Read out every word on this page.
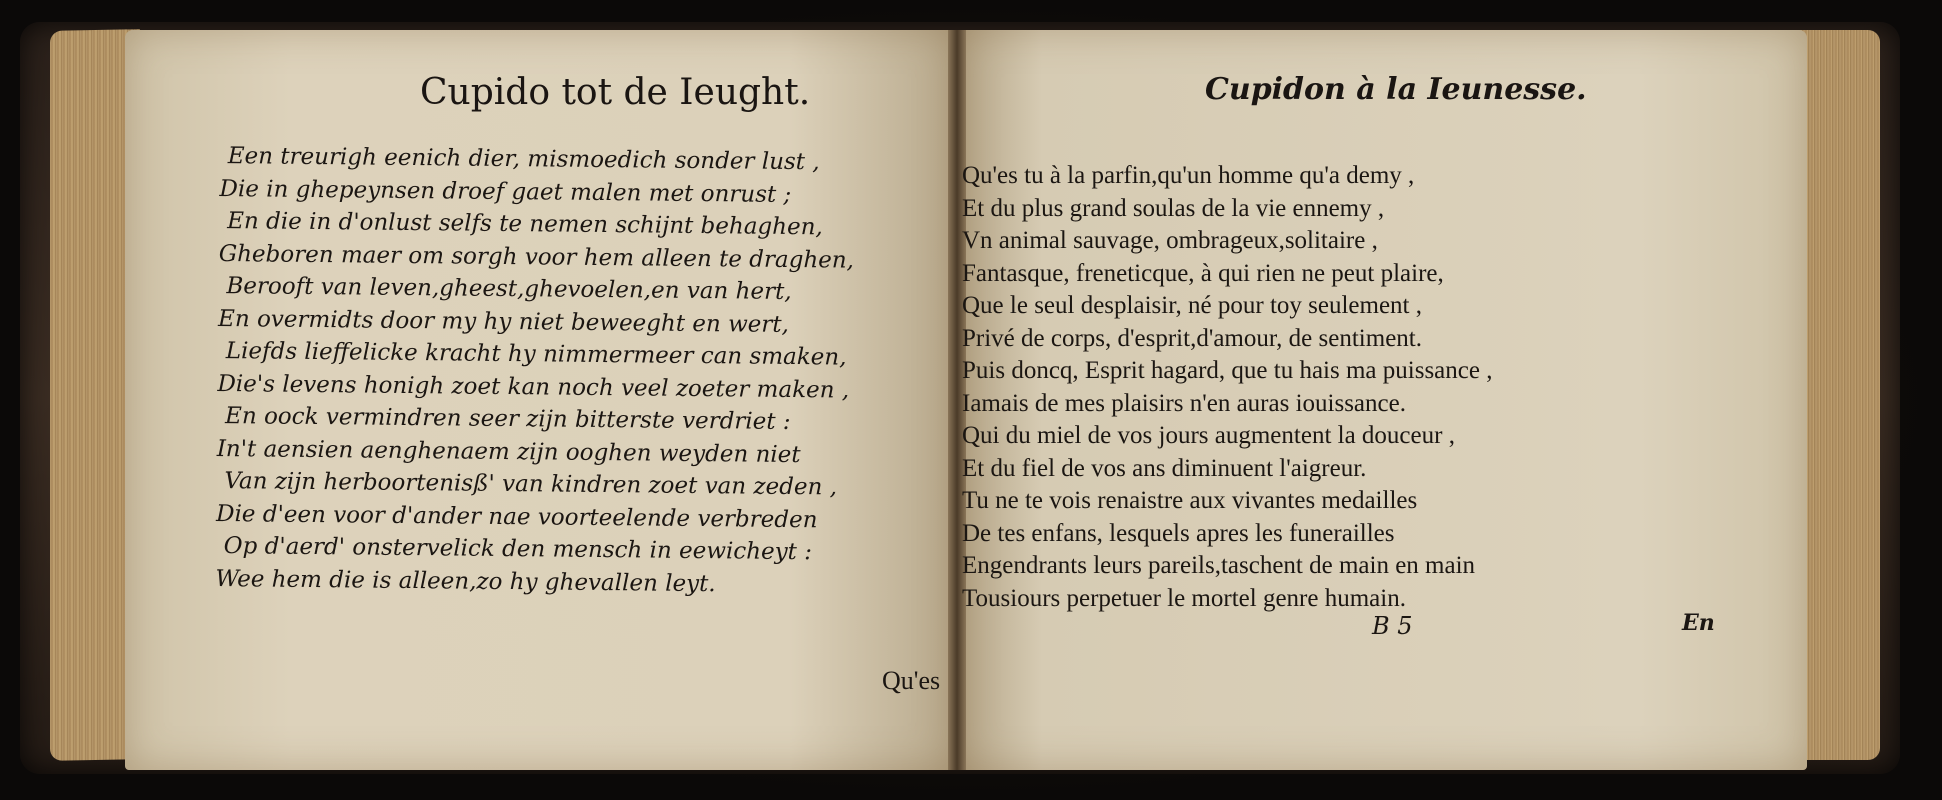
Cupido tot de Ieught.
Een treurigh eenich dier, mismoedich sonder lust ,
Die in ghepeynsen droef gaet malen met onrust ;
En die in d'onlust selfs te nemen schijnt behaghen,
Gheboren maer om sorgh voor hem alleen te draghen,
Berooft van leven,gheest,ghevoelen,en van hert,
En overmidts door my hy niet beweeght en wert,
Liefds lieffelicke kracht hy nimmermeer can smaken,
Die's levens honigh zoet kan noch veel zoeter maken ,
En oock vermindren seer zijn bitterste verdriet :
In't aensien aenghenaem zijn ooghen weyden niet
Van zijn herboortenisß' van kindren zoet van zeden ,
Die d'een voor d'ander nae voorteelende verbreden
Op d'aerd' onstervelick den mensch in eewicheyt :
Wee hem die is alleen,zo hy ghevallen leyt.
Qu'es
Cupidon à la Ieunesse.
Qu'es tu à la parfin,qu'un homme qu'a demy ,
Et du plus grand soulas de la vie ennemy ,
Vn animal sauvage, ombrageux,solitaire ,
Fantasque, freneticque, à qui rien ne peut plaire,
Que le seul desplaisir, né pour toy seulement ,
Privé de corps, d'esprit,d'amour, de sentiment.
Puis doncq, Esprit hagard, que tu hais ma puissance ,
Iamais de mes plaisirs n'en auras iouissance.
Qui du miel de vos jours augmentent la douceur ,
Et du fiel de vos ans diminuent l'aigreur.
Tu ne te vois renaistre aux vivantes medailles
De tes enfans, lesquels apres les funerailles
Engendrants leurs pareils,taschent de main en main
Tousiours perpetuer le mortel genre humain.
B 5	En
